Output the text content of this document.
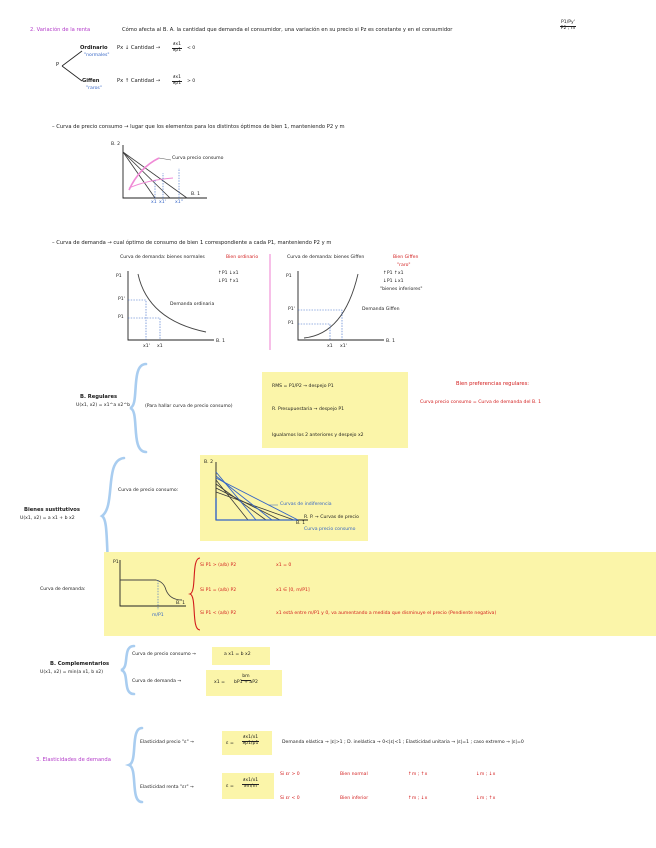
2. Variación de la renta	Cómo afecta al B. A. la cantidad que demanda el consumidor, una variación en su precio si Pz es constante y en el consumidor	$\frac{P1/Py'}{P2 ; m}$
P
Ordinario
"normales"
Px ↓ Cantidad →	$\frac{\partial x1}{\partial p1} < 0$
Giffen
"raros"
Px ↑ Cantidad →	$\frac{\partial x1}{\partial p1} > 0$
– Curva de precio consumo → lugar que los elementos para los distintos óptimos de bien 1, manteniendo P2 y m
B. 2
B. 1
Curva precio consumo
x1 x1' x1''
– Curva de demanda → cual óptimo de consumo de bien 1 correspondiente a cada P1, manteniendo P2 y m
Curva de demanda: bienes normales	Bien ordinario
↑P1 ↓x1
↓P1 ↑x1
P1
B. 1
P1'
P1
x1' x1
Demanda ordinaria
Curva de demanda: bienes Giffen	Bien Giffen
"raro"
↑P1 ↑x1
↓P1 ↓x1
"bienes inferiores"
P1
B. 1
P1'
P1
x1 x1'
Demanda Giffen
B. Regulares
U(x1, x2) = x1^a x2^b	(Para hallar curva de precio consumo)
RMS = P1/P2 → despejo P1
R. Presupuestaria → despejo P1
Igualamos los 2 anteriores y despejo x2
Bien preferencias regulares:
Curva precio consumo = Curva de demanda del B. 1
Bienes sustitutivos
U(x1, x2) = a x1 + b x2
Curva de precio consumo:
B. 2
B. 1
Curvas de indiferencia
R. P. → Curvas de precio
Curva precio consumo
Curva de demanda:
P1
B. 1
m/P1
Si P1 > (a/b) P2	x1 = 0
Si P1 = (a/b) P2	x1 ∈ [0, m/P1]
Si P1 < (a/b) P2	x1 está entre m/P1 y 0, va aumentando a medida que disminuye el precio (Pendiente negativa)
B. Complementarios
U(x1, x2) = min(a x1, b x2)
Curva de precio consumo →	a x1 = b x2
Curva de demanda →	$x1 = \frac{bm}{bP1 + aP2}$
3. Elasticidades de demanda
Elasticidad precio "ε" →	$\varepsilon = \frac{\partial x1/x1}{\partial p1/p1}$	Demanda elástica → |ε|>1 ; D. inelástica → 0<|ε|<1 ; Elasticidad unitaria → |ε|=1 ; caso extremo → |ε|=0
Elasticidad renta "εr" →	$\varepsilon = \frac{\partial x1/x1}{\partial m/m}$
Si εr > 0	Bien normal	↑m ; ↑x	↓m ; ↓x
Si εr < 0	Bien inferior	↑m ; ↓x	↓m ; ↑x
